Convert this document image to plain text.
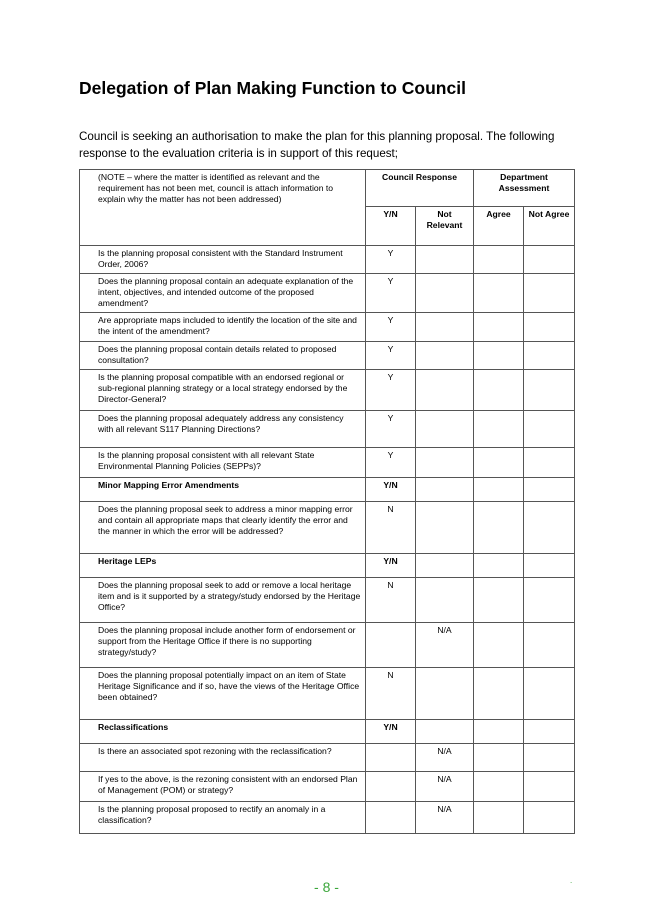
Delegation of Plan Making Function to Council

Council is seeking an authorisation to make the plan for this planning proposal. The following response to the evaluation criteria is in support of this request;

(NOTE – where the matter is identified as relevant and the requirement has not been met, council is attach information to explain why the matter has not been addressed)	Council Response		Department Assessment	
	Y/N	Not Relevant	Agree	Not Agree
Is the planning proposal consistent with the Standard Instrument Order, 2006?	Y			
Does the planning proposal contain an adequate explanation of the intent, objectives, and intended outcome of the proposed amendment?	Y			
Are appropriate maps included to identify the location of the site and the intent of the amendment?	Y			
Does the planning proposal contain details related to proposed consultation?	Y			
Is the planning proposal compatible with an endorsed regional or sub-regional planning strategy or a local strategy endorsed by the Director-General?	Y			
Does the planning proposal adequately address any consistency with all relevant S117 Planning Directions?	Y			
Is the planning proposal consistent with all relevant State Environmental Planning Policies (SEPPs)?	Y			
Minor Mapping Error Amendments	Y/N			
Does the planning proposal seek to address a minor mapping error and contain all appropriate maps that clearly identify the error and the manner in which the error will be addressed?	N			
Heritage LEPs	Y/N			
Does the planning proposal seek to add or remove a local heritage item and is it supported by a strategy/study endorsed by the Heritage Office?	N			
Does the planning proposal include another form of endorsement or support from the Heritage Office if there is no supporting strategy/study?		N/A		
Does the planning proposal potentially impact on an item of State Heritage Significance and if so, have the views of the Heritage Office been obtained?	N			
Reclassifications	Y/N			
Is there an associated spot rezoning with the reclassification?		N/A		
If yes to the above, is the rezoning consistent with an endorsed Plan of Management (POM) or strategy?		N/A		
Is the planning proposal proposed to rectify an anomaly in a classification?		N/A		
- 8 -	.
